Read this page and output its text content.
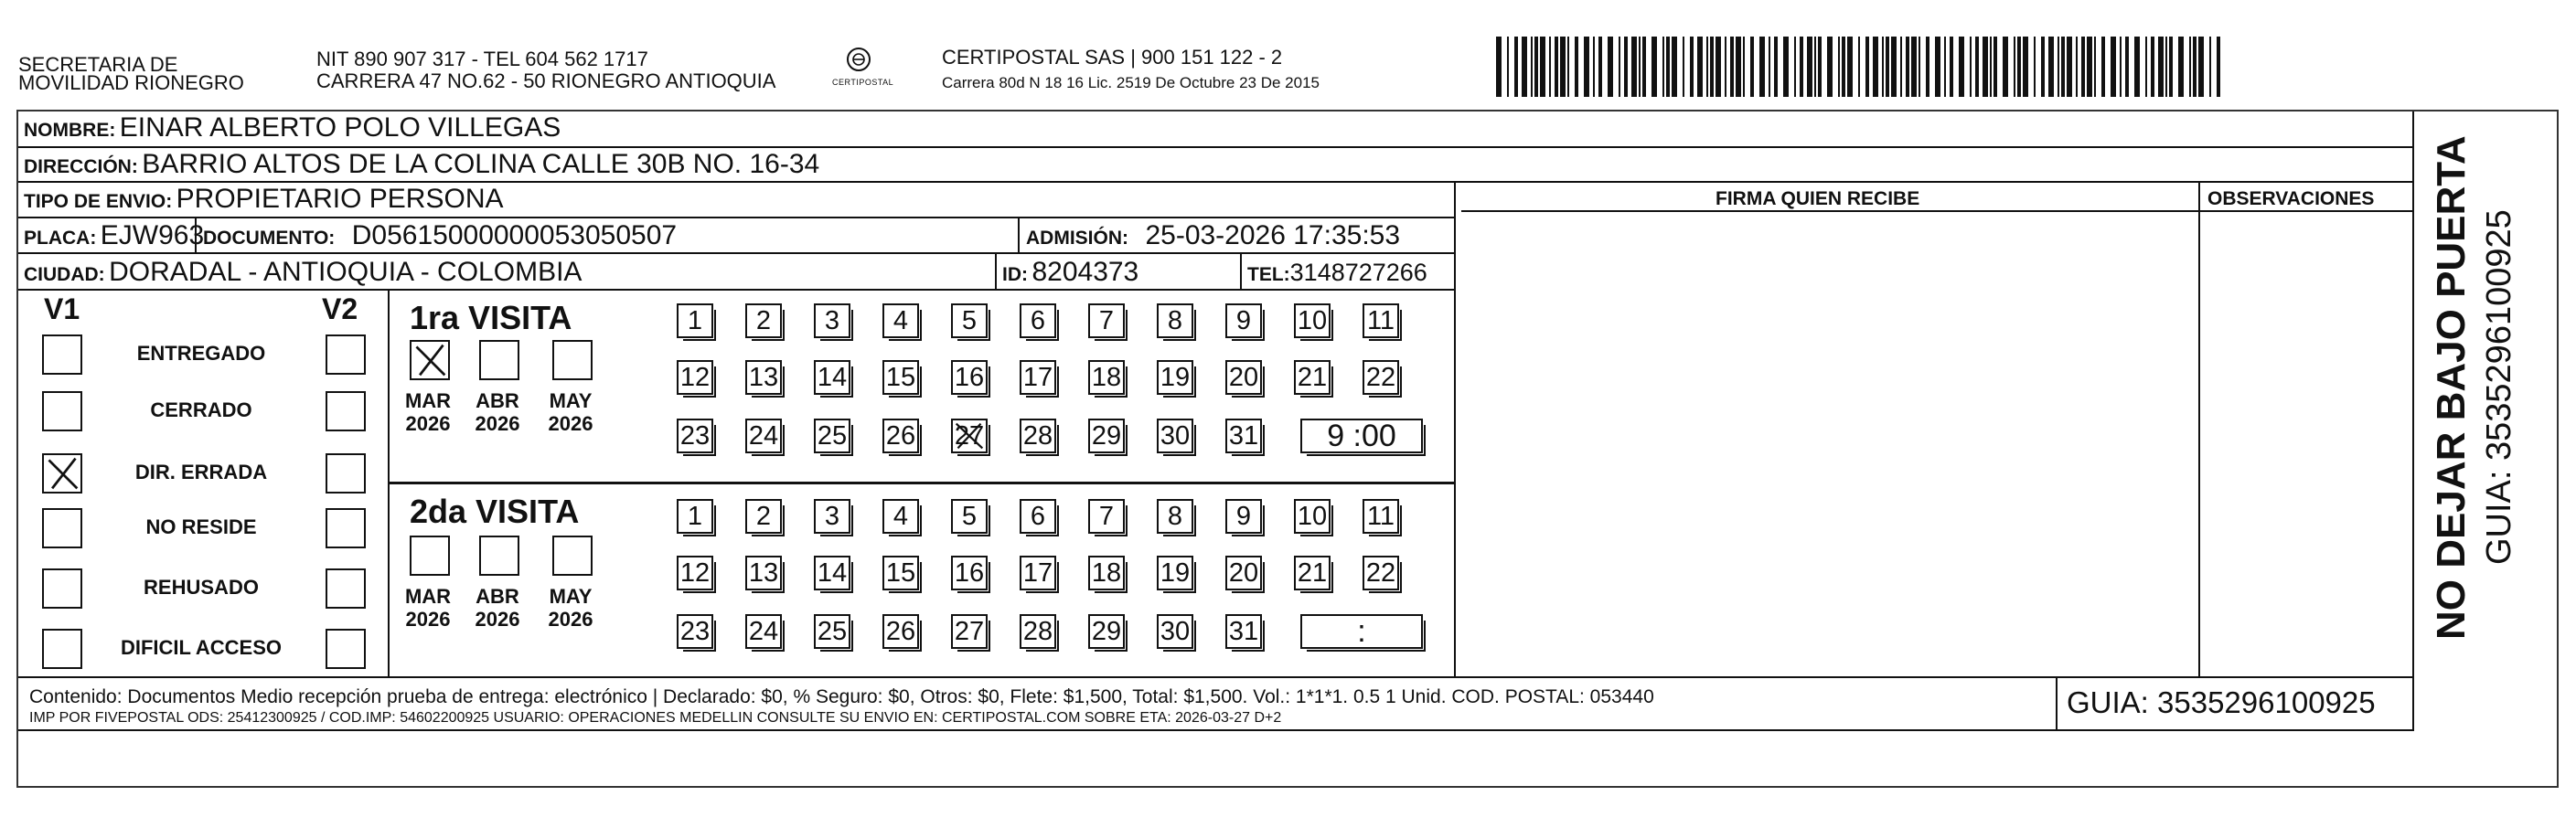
SECRETARIA DE
MOVILIDAD RIONEGRO
NIT 890 907 317 - TEL 604 562 1717
CARRERA 47 NO.62 - 50 RIONEGRO ANTIOQUIA	CERTIPOSTAL
CERTIPOSTAL SAS | 900 151 122 - 2
Carrera 80d N 18 16 Lic. 2519 De Octubre 23 De 2015
NOMBRE: EINAR ALBERTO POLO VILLEGAS
DIRECCIÓN: BARRIO ALTOS DE LA COLINA CALLE 30B NO. 16-34
TIPO DE ENVIO: PROPIETARIO PERSONA
PLACA: EJW963
DOCUMENTO: D05615000000053050507	ADMISIÓN: 25-03-2026 17:35:53
CIUDAD: DORADAL - ANTIOQUIA - COLOMBIA	ID: 8204373	TEL:3148727266
FIRMA QUIEN RECIBE	OBSERVACIONES
V1	V2 1ra VISITA
2da VISITA
Contenido: Documentos Medio recepción prueba de entrega: electrónico | Declarado: $0, % Seguro: $0, Otros: $0, Flete: $1,500, Total: $1,500. Vol.: 1*1*1. 0.5 1 Unid. COD. POSTAL: 053440
IMP POR FIVEPOSTAL ODS: 25412300925 / COD.IMP: 54602200925 USUARIO: OPERACIONES MEDELLIN CONSULTE SU ENVIO EN: CERTIPOSTAL.COM SOBRE ETA: 2026-03-27 D+2	GUIA: 3535296100925
NO DEJAR BAJO PUERTA GUIA: 3535296100925
ENTREGADO
CERRADO
DIR. ERRADA
NO RESIDE
REHUSADO
DIFICIL ACCESO
MAR
2026
ABR
2026
MAY
2026
1	2	3	4	5	6	7	8	9	10 11
12 13 14 15 16 17 18 19 20 21 22
23 24 25 26 27 28 29 30 31	9 :00
MAR
2026
ABR
2026
MAY
2026
1	2	3	4	5	6	7	8	9	10 11
12 13 14 15 16 17 18 19 20 21 22
23 24 25 26 27 28 29 30 31	:
